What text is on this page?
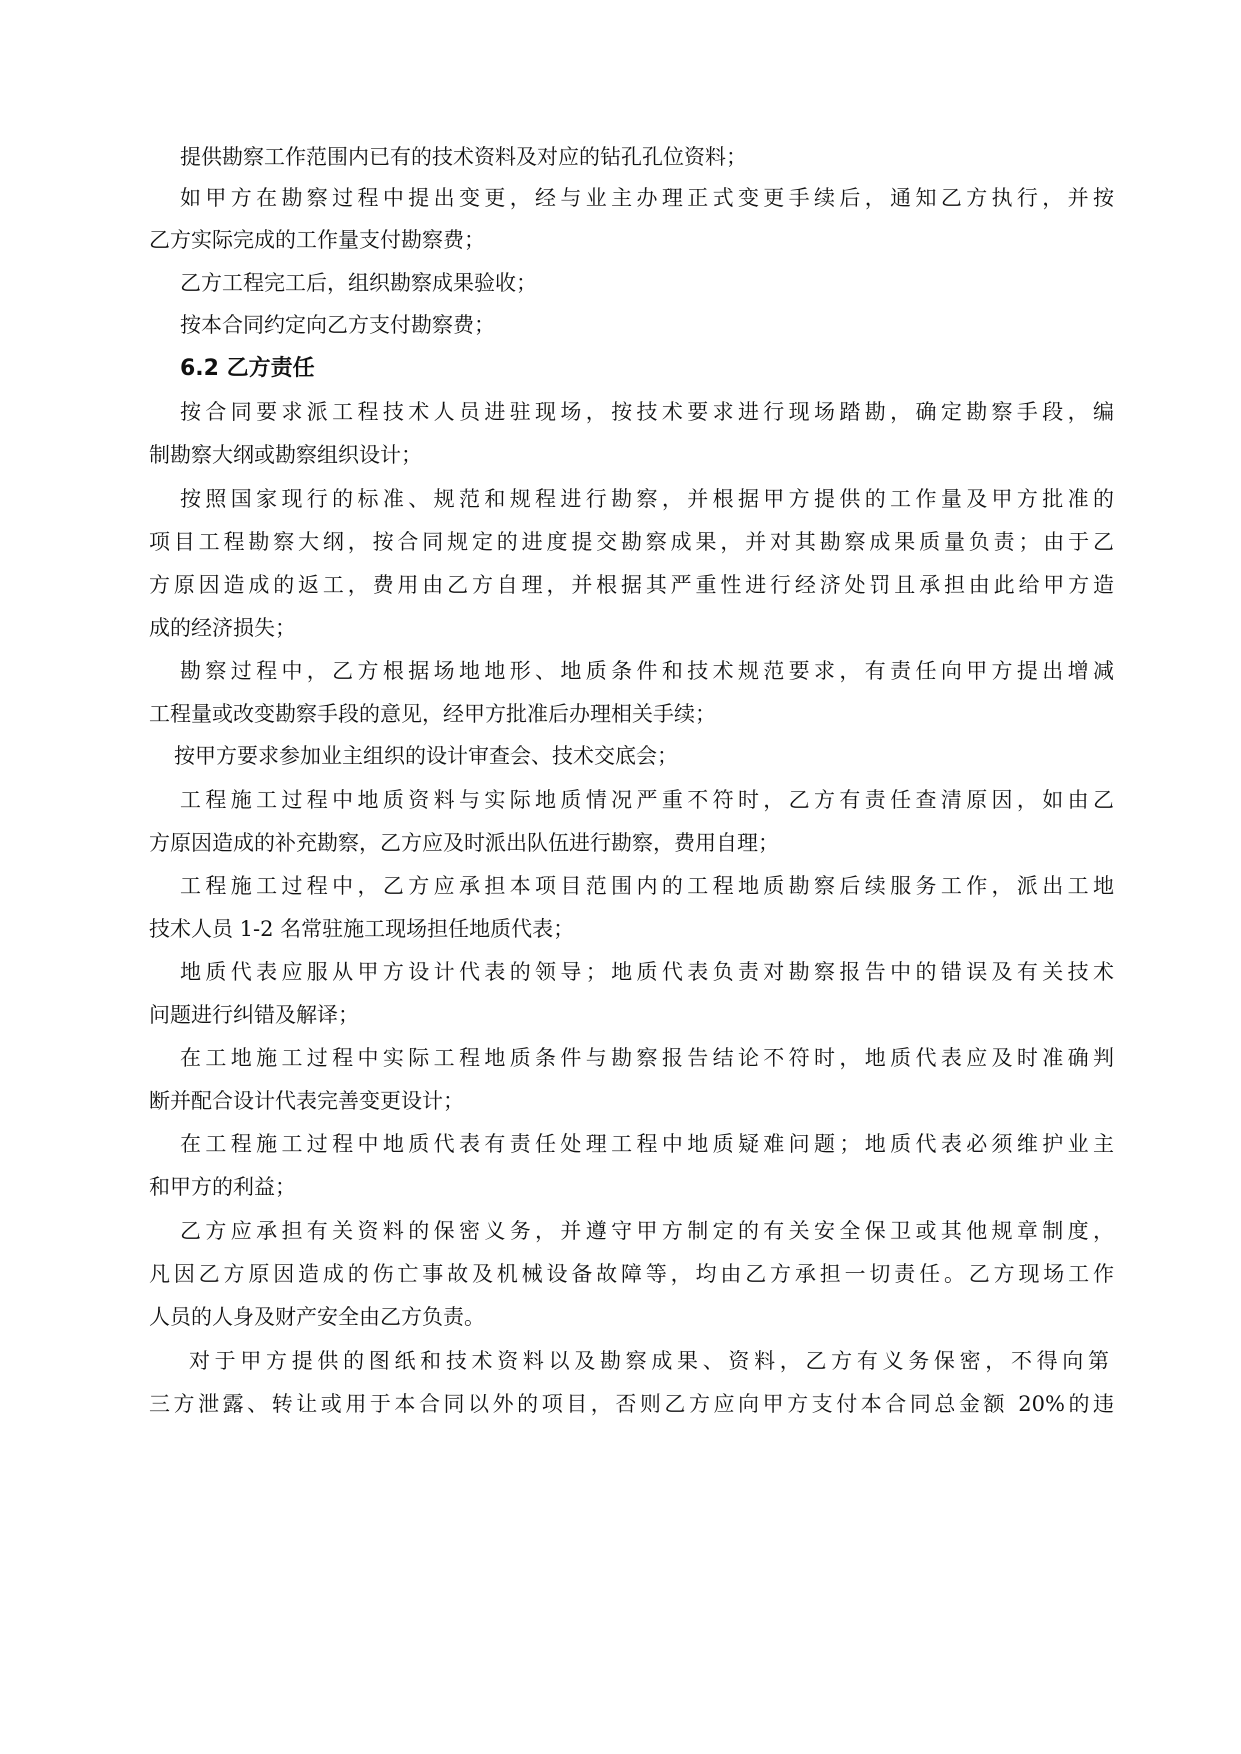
提供勘察工作范围内已有的技术资料及对应的钻孔孔位资料；
如甲方在勘察过程中提出变更，经与业主办理正式变更手续后，通知乙方执行，并按
乙方实际完成的工作量支付勘察费；
乙方工程完工后，组织勘察成果验收；
按本合同约定向乙方支付勘察费；
6.2 乙方责任
按合同要求派工程技术人员进驻现场，按技术要求进行现场踏勘，确定勘察手段，编
制勘察大纲或勘察组织设计；
按照国家现行的标准、规范和规程进行勘察，并根据甲方提供的工作量及甲方批准的
项目工程勘察大纲，按合同规定的进度提交勘察成果，并对其勘察成果质量负责；由于乙
方原因造成的返工，费用由乙方自理，并根据其严重性进行经济处罚且承担由此给甲方造
成的经济损失；
勘察过程中，乙方根据场地地形、地质条件和技术规范要求，有责任向甲方提出增减
工程量或改变勘察手段的意见，经甲方批准后办理相关手续；
按甲方要求参加业主组织的设计审查会、技术交底会；
工程施工过程中地质资料与实际地质情况严重不符时，乙方有责任查清原因，如由乙
方原因造成的补充勘察，乙方应及时派出队伍进行勘察，费用自理；
工程施工过程中，乙方应承担本项目范围内的工程地质勘察后续服务工作，派出工地
技术人员 1-2 名常驻施工现场担任地质代表；
地质代表应服从甲方设计代表的领导；地质代表负责对勘察报告中的错误及有关技术
问题进行纠错及解译；
在工地施工过程中实际工程地质条件与勘察报告结论不符时，地质代表应及时准确判
断并配合设计代表完善变更设计；
在工程施工过程中地质代表有责任处理工程中地质疑难问题；地质代表必须维护业主
和甲方的利益；
乙方应承担有关资料的保密义务，并遵守甲方制定的有关安全保卫或其他规章制度，
凡因乙方原因造成的伤亡事故及机械设备故障等，均由乙方承担一切责任。乙方现场工作
人员的人身及财产安全由乙方负责。
对于甲方提供的图纸和技术资料以及勘察成果、资料，乙方有义务保密，不得向第
三方泄露、转让或用于本合同以外的项目，否则乙方应向甲方支付本合同总金额 20%的违
